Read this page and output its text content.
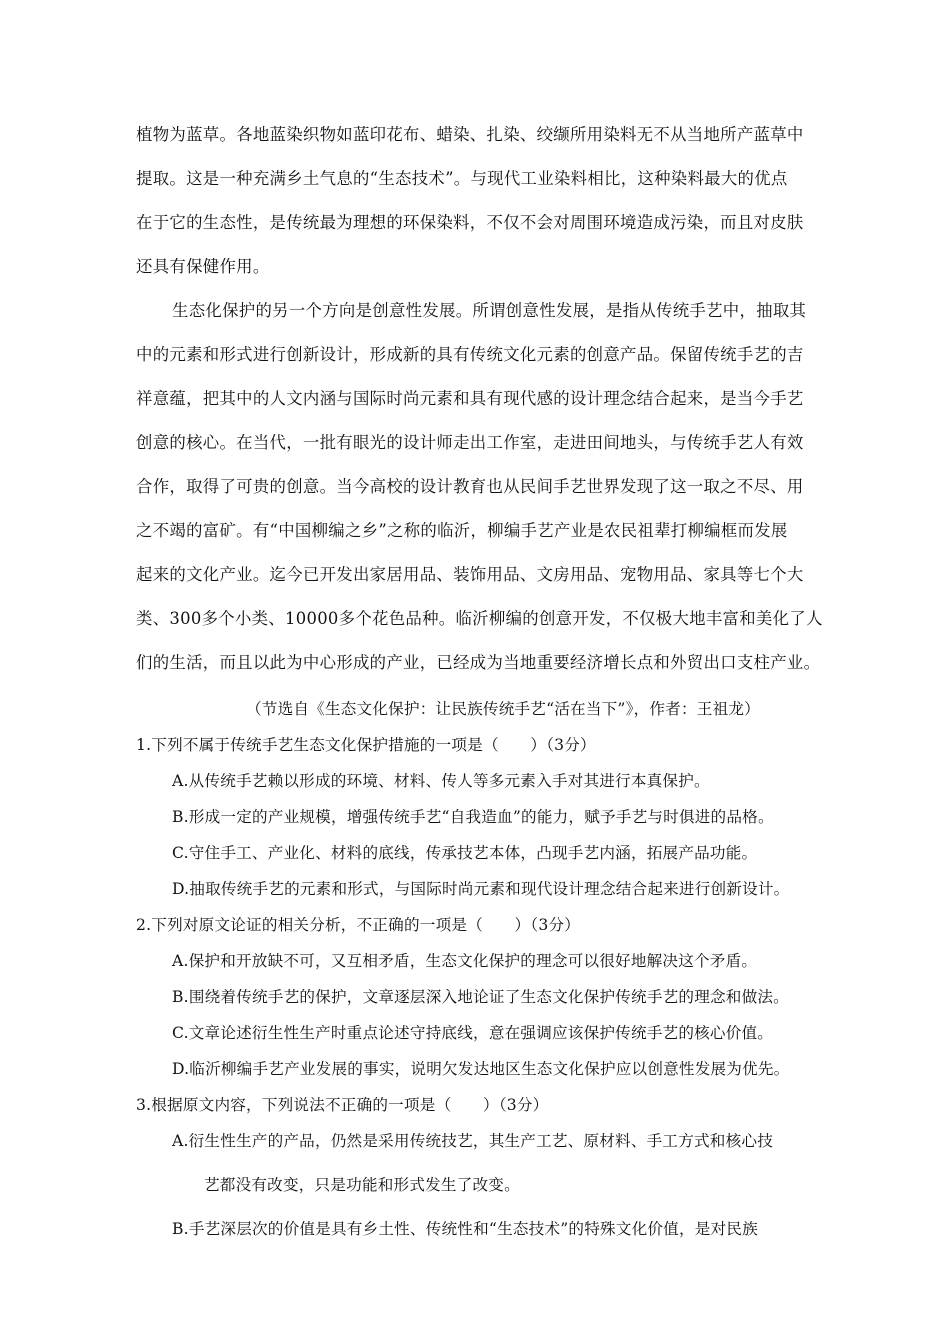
植物为蓝草。各地蓝染织物如蓝印花布、蜡染、扎染、绞缬所用染料无不从当地所产蓝草中
提取。这是一种充满乡土气息的“生态技术”。与现代工业染料相比，这种染料最大的优点
在于它的生态性，是传统最为理想的环保染料，不仅不会对周围环境造成污染，而且对皮肤
还具有保健作用。
生态化保护的另一个方向是创意性发展。所谓创意性发展，是指从传统手艺中，抽取其
中的元素和形式进行创新设计，形成新的具有传统文化元素的创意产品。保留传统手艺的吉
祥意蕴，把其中的人文内涵与国际时尚元素和具有现代感的设计理念结合起来，是当今手艺
创意的核心。在当代，一批有眼光的设计师走出工作室，走进田间地头，与传统手艺人有效
合作，取得了可贵的创意。当今高校的设计教育也从民间手艺世界发现了这一取之不尽、用
之不竭的富矿。有“中国柳编之乡”之称的临沂，柳编手艺产业是农民祖辈打柳编框而发展
起来的文化产业。迄今已开发出家居用品、装饰用品、文房用品、宠物用品、家具等七个大
类、300多个小类、10000多个花色品种。临沂柳编的创意开发，不仅极大地丰富和美化了人
们的生活，而且以此为中心形成的产业，已经成为当地重要经济增长点和外贸出口支柱产业。
（节选自《生态文化保护：让民族传统手艺“活在当下”》，作者：王祖龙）
1.下列不属于传统手艺生态文化保护措施的一项是（　　）（3分）
A.从传统手艺赖以形成的环境、材料、传人等多元素入手对其进行本真保护。
B.形成一定的产业规模，增强传统手艺“自我造血”的能力，赋予手艺与时俱进的品格。
C.守住手工、产业化、材料的底线，传承技艺本体，凸现手艺内涵，拓展产品功能。
D.抽取传统手艺的元素和形式，与国际时尚元素和现代设计理念结合起来进行创新设计。
2.下列对原文论证的相关分析，不正确的一项是（　　）（3分）
A.保护和开放缺不可，又互相矛盾，生态文化保护的理念可以很好地解决这个矛盾。
B.围绕着传统手艺的保护，文章逐层深入地论证了生态文化保护传统手艺的理念和做法。
C.文章论述衍生性生产时重点论述守持底线，意在强调应该保护传统手艺的核心价值。
D.临沂柳编手艺产业发展的事实，说明欠发达地区生态文化保护应以创意性发展为优先。
3.根据原文内容，下列说法不正确的一项是（　　）（3分）
A.衍生性生产的产品，仍然是采用传统技艺，其生产工艺、原材料、手工方式和核心技
艺都没有改变，只是功能和形式发生了改变。
B.手艺深层次的价值是具有乡土性、传统性和“生态技术”的特殊文化价值，是对民族
